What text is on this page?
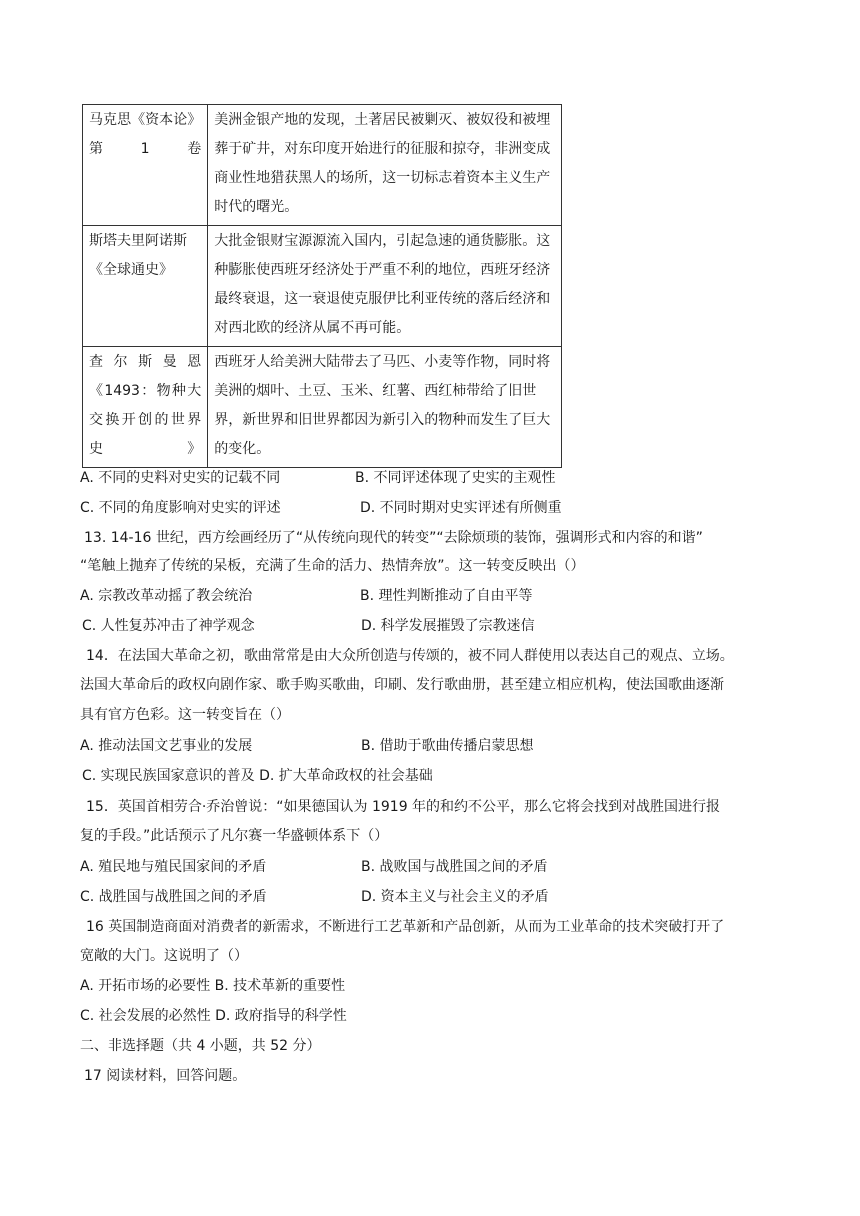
马克思《资本论》第1卷	美洲金银产地的发现，土著居民被剿灭、被奴役和被埋葬于矿井，对东印度开始进行的征服和掠夺，非洲变成商业性地猎获黑人的场所，这一切标志着资本主义生产时代的曙光。
斯塔夫里阿诺斯《全球通史》	大批金银财宝源源流入国内，引起急速的通货膨胀。这种膨胀使西班牙经济处于严重不利的地位，西班牙经济最终衰退，这一衰退使克服伊比利亚传统的落后经济和对西北欧的经济从属不再可能。
查尔斯曼恩《1493：物种大交换开创的世界史》	西班牙人给美洲大陆带去了马匹、小麦等作物，同时将美洲的烟叶、土豆、玉米、红薯、西红柿带给了旧世界，新世界和旧世界都因为新引入的物种而发生了巨大的变化。
A. 不同的史料对史实的记载不同	B. 不同评述体现了史实的主观性
C. 不同的角度影响对史实的评述	D. 不同时期对史实评述有所侧重
13. 14-16 世纪，西方绘画经历了“从传统向现代的转变”“去除烦琐的装饰，强调形式和内容的和谐”
“笔触上抛弃了传统的呆板，充满了生命的活力、热情奔放”。这一转变反映出（）
A. 宗教改革动摇了教会统治	B. 理性判断推动了自由平等
C. 人性复苏冲击了神学观念	D. 科学发展摧毁了宗教迷信
14．在法国大革命之初，歌曲常常是由大众所创造与传颂的，被不同人群使用以表达自己的观点、立场。
法国大革命后的政权向剧作家、歌手购买歌曲，印刷、发行歌曲册，甚至建立相应机构，使法国歌曲逐渐
具有官方色彩。这一转变旨在（）
A. 推动法国文艺事业的发展	B. 借助于歌曲传播启蒙思想
C. 实现民族国家意识的普及 D. 扩大革命政权的社会基础
15．英国首相劳合·乔治曾说：“如果德国认为 1919 年的和约不公平，那么它将会找到对战胜国进行报
复的手段。”此话预示了凡尔赛一华盛顿体系下（）
A. 殖民地与殖民国家间的矛盾	B. 战败国与战胜国之间的矛盾
C. 战胜国与战胜国之间的矛盾	D. 资本主义与社会主义的矛盾
16 英国制造商面对消费者的新需求，不断进行工艺革新和产品创新，从而为工业革命的技术突破打开了
宽敞的大门。这说明了（）
A. 开拓市场的必要性 B. 技术革新的重要性
C. 社会发展的必然性 D. 政府指导的科学性
二、非选择题（共 4 小题，共 52 分）
17 阅读材料，回答问题。
